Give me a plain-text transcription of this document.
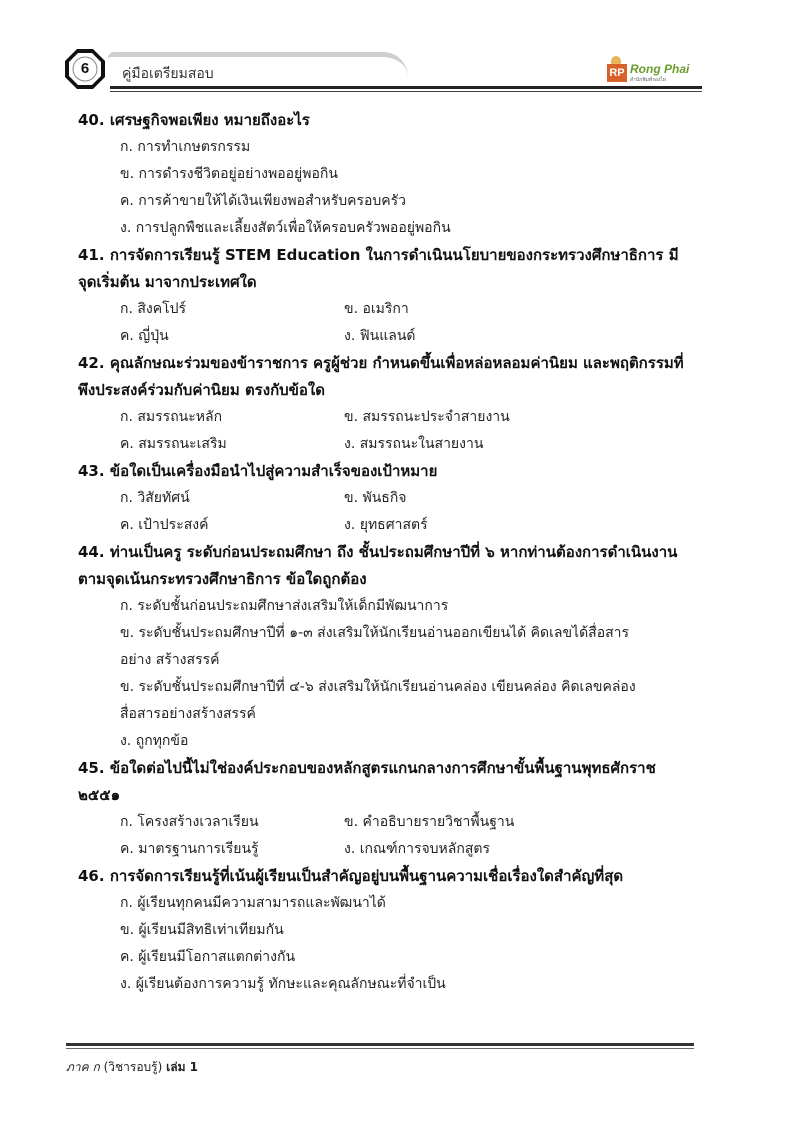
6	คู่มือเตรียมสอบ	RP Rong Phai
สำนักพิมพ์รองไผ่
40. เศรษฐกิจพอเพียง หมายถึงอะไร
ก. การทำเกษตรกรรม
ข. การดำรงชีวิตอยู่อย่างพออยู่พอกิน
ค. การค้าขายให้ได้เงินเพียงพอสำหรับครอบครัว
ง. การปลูกพืชและเลี้ยงสัตว์เพื่อให้ครอบครัวพออยู่พอกิน
41. การจัดการเรียนรู้ STEM Education ในการดำเนินนโยบายของกระทรวงศึกษาธิการ มี
จุดเริ่มต้น มาจากประเทศใด
ก. สิงคโปร์	ข. อเมริกา
ค. ญี่ปุ่น	ง. ฟินแลนด์
42. คุณลักษณะร่วมของข้าราชการ ครูผู้ช่วย กำหนดขึ้นเพื่อหล่อหลอมค่านิยม และพฤติกรรมที่
พึงประสงค์ร่วมกับค่านิยม ตรงกับข้อใด
ก. สมรรถนะหลัก	ข. สมรรถนะประจำสายงาน
ค. สมรรถนะเสริม	ง. สมรรถนะในสายงาน
43. ข้อใดเป็นเครื่องมือนำไปสู่ความสำเร็จของเป้าหมาย
ก. วิสัยทัศน์	ข. พันธกิจ
ค. เป้าประสงค์	ง. ยุทธศาสตร์
44. ท่านเป็นครู ระดับก่อนประถมศึกษา ถึง ชั้นประถมศึกษาปีที่ ๖ หากท่านต้องการดำเนินงาน
ตามจุดเน้นกระทรวงศึกษาธิการ ข้อใดถูกต้อง
ก. ระดับชั้นก่อนประถมศึกษาส่งเสริมให้เด็กมีพัฒนาการ
ข. ระดับชั้นประถมศึกษาปีที่ ๑-๓ ส่งเสริมให้นักเรียนอ่านออกเขียนได้ คิดเลขได้สื่อสาร
อย่าง สร้างสรรค์
ข. ระดับชั้นประถมศึกษาปีที่ ๔-๖ ส่งเสริมให้นักเรียนอ่านคล่อง เขียนคล่อง คิดเลขคล่อง
สื่อสารอย่างสร้างสรรค์
ง. ถูกทุกข้อ
45. ข้อใดต่อไปนี้ไม่ใช่องค์ประกอบของหลักสูตรแกนกลางการศึกษาขั้นพื้นฐานพุทธศักราช
๒๕๕๑
ก. โครงสร้างเวลาเรียน	ข. คำอธิบายรายวิชาพื้นฐาน
ค. มาตรฐานการเรียนรู้	ง. เกณฑ์การจบหลักสูตร
46. การจัดการเรียนรู้ที่เน้นผู้เรียนเป็นสำคัญอยู่บนพื้นฐานความเชื่อเรื่องใดสำคัญที่สุด
ก. ผู้เรียนทุกคนมีความสามารถและพัฒนาได้
ข. ผู้เรียนมีสิทธิเท่าเทียมกัน
ค. ผู้เรียนมีโอกาสแตกต่างกัน
ง. ผู้เรียนต้องการความรู้ ทักษะและคุณลักษณะที่จำเป็น
ภาค ก (วิชารอบรู้) เล่ม 1
